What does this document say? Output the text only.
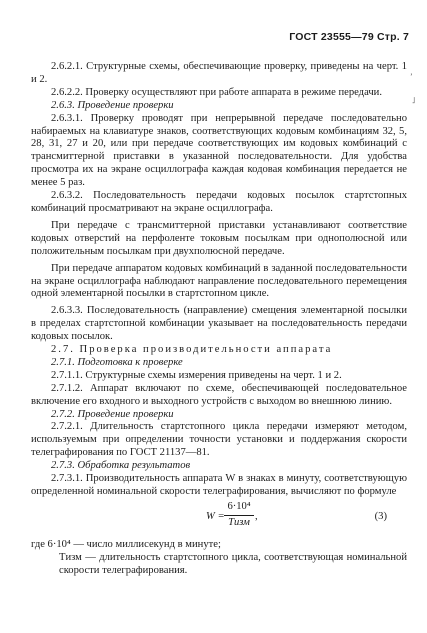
ГОСТ 23555—79 Стр. 7

2.6.2.1. Структурные схемы, обеспечивающие проверку, приведены на черт. 1 и 2.

2.6.2.2. Проверку осуществляют при работе аппарата в режиме передачи.

2.6.3. Проведение проверки

2.6.3.1. Проверку проводят при непрерывной передаче последовательно набираемых на клавиатуре знаков, соответствующих кодовым комбинациям 32, 5, 28, 31, 27 и 20, или при передаче соответствующих им кодовых комбинаций с трансмиттерной приставки в указанной последовательности. Для удобства просмотра их на экране осциллографа каждая кодовая комбинация передается не менее 5 раз.

2.6.3.2. Последовательность передачи кодовых посылок стартстопных комбинаций просматривают на экране осциллографа.

При передаче с трансмиттерной приставки устанавливают соответствие кодовых отверстий на перфоленте токовым посылкам при однополюсной или положительным посылкам при двухполюсной передаче.

При передаче аппаратом кодовых комбинаций в заданной последовательности на экране осциллографа наблюдают направление последовательного перемещения одной элементарной посылки в стартстопном цикле.

2.6.3.3. Последовательность (направление) смещения элементарной посылки в пределах стартстопной комбинации указывает на последовательность передачи кодовых посылок.

2.7. Проверка производительности аппарата

2.7.1. Подготовка к проверке

2.7.1.1. Структурные схемы измерения приведены на черт. 1 и 2.

2.7.1.2. Аппарат включают по схеме, обеспечивающей последовательное включение его входного и выходного устройств с выходом во внешнюю линию.

2.7.2. Проведение проверки

2.7.2.1. Длительность стартстопного цикла передачи измеряют методом, используемым при определении точности установки и поддержания скорости телеграфирования по ГОСТ 21137—81.

2.7.3. Обработка результатов

2.7.3.1. Производительность аппарата W в знаках в минуту, соответствующую определенной номинальной скорости телеграфирования, вычисляют по формуле

W =
6·10⁴
Tизм
,	(3)

где 6·10⁴ — число миллисекунд в минуте;

Tизм — длительность стартстопного цикла, соответствующая номинальной скорости телеграфирования.

ʼ
˩
